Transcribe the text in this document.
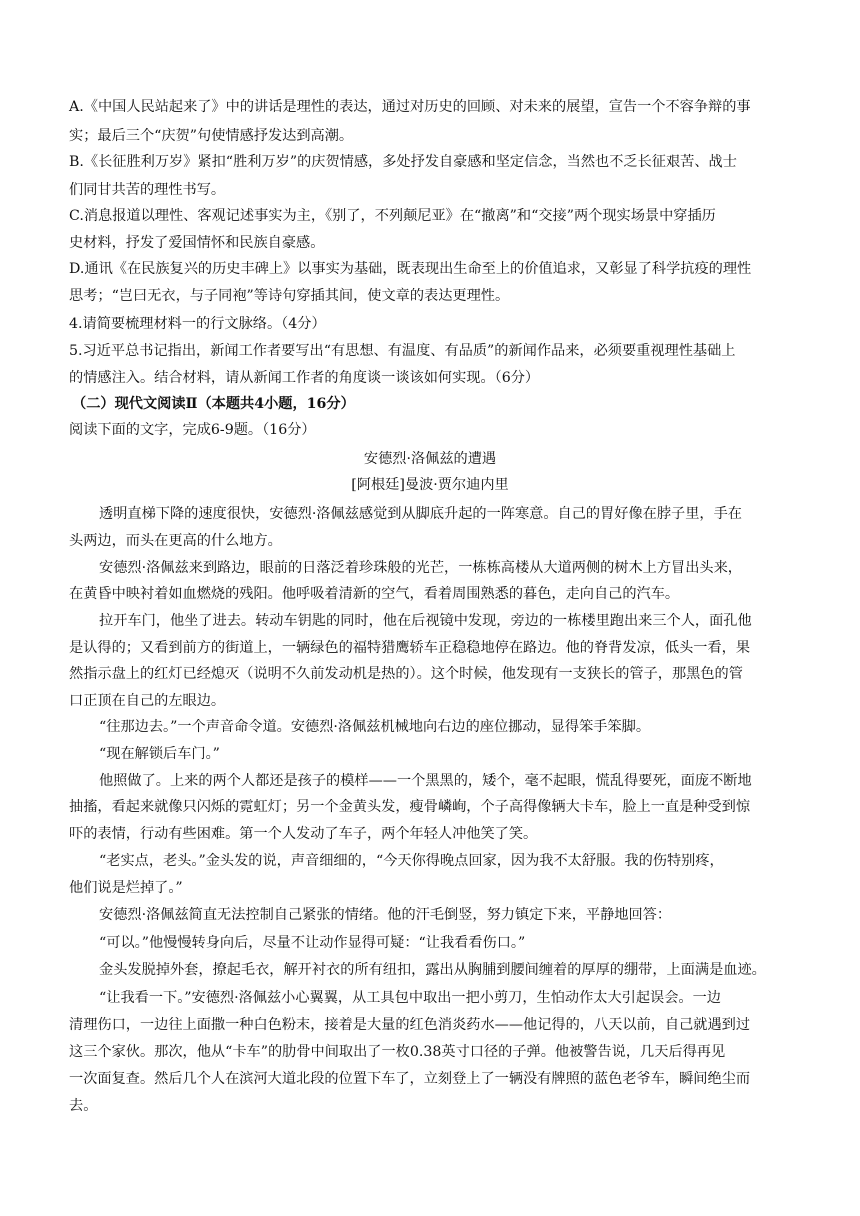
A.《中国人民站起来了》中的讲话是理性的表达，通过对历史的回顾、对未来的展望，宣告一个不容争辩的事
实；最后三个“庆贺”句使情感抒发达到高潮。
B.《长征胜利万岁》紧扣“胜利万岁”的庆贺情感，多处抒发自豪感和坚定信念，当然也不乏长征艰苦、战士
们同甘共苦的理性书写。
C.消息报道以理性、客观记述事实为主，《别了，不列颠尼亚》在“撤离”和“交接”两个现实场景中穿插历
史材料，抒发了爱国情怀和民族自豪感。
D.通讯《在民族复兴的历史丰碑上》以事实为基础，既表现出生命至上的价值追求，又彰显了科学抗疫的理性
思考；“岂曰无衣，与子同袍”等诗句穿插其间，使文章的表达更理性。
4.请简要梳理材料一的行文脉络。（4分）
5.习近平总书记指出，新闻工作者要写出“有思想、有温度、有品质”的新闻作品来，必须要重视理性基础上
的情感注入。结合材料，请从新闻工作者的角度谈一谈该如何实现。（6分）
（二）现代文阅读Ⅱ（本题共4小题，16分）
阅读下面的文字，完成6-9题。（16分）
安德烈·洛佩兹的遭遇
[阿根廷]曼波·贾尔迪内里
透明直梯下降的速度很快，安德烈·洛佩兹感觉到从脚底升起的一阵寒意。自己的胃好像在脖子里，手在
头两边，而头在更高的什么地方。
安德烈·洛佩兹来到路边，眼前的日落泛着珍珠般的光芒，一栋栋高楼从大道两侧的树木上方冒出头来，
在黄昏中映衬着如血燃烧的残阳。他呼吸着清新的空气，看着周围熟悉的暮色，走向自己的汽车。
拉开车门，他坐了进去。转动车钥匙的同时，他在后视镜中发现，旁边的一栋楼里跑出来三个人，面孔他
是认得的；又看到前方的街道上，一辆绿色的福特猎鹰轿车正稳稳地停在路边。他的脊背发凉，低头一看，果
然指示盘上的红灯已经熄灭（说明不久前发动机是热的）。这个时候，他发现有一支狭长的管子，那黑色的管
口正顶在自己的左眼边。
“往那边去。”一个声音命令道。安德烈·洛佩兹机械地向右边的座位挪动，显得笨手笨脚。
“现在解锁后车门。”
他照做了。上来的两个人都还是孩子的模样——一个黑黑的，矮个，毫不起眼，慌乱得要死，面庞不断地
抽搐，看起来就像只闪烁的霓虹灯；另一个金黄头发，瘦骨嶙峋，个子高得像辆大卡车，脸上一直是种受到惊
吓的表情，行动有些困难。第一个人发动了车子，两个年轻人冲他笑了笑。
“老实点，老头。”金头发的说，声音细细的，“今天你得晚点回家，因为我不太舒服。我的伤特别疼，
他们说是烂掉了。”
安德烈·洛佩兹简直无法控制自己紧张的情绪。他的汗毛倒竖，努力镇定下来，平静地回答：
“可以。”他慢慢转身向后，尽量不让动作显得可疑：“让我看看伤口。”
金头发脱掉外套，撩起毛衣，解开衬衣的所有纽扣，露出从胸脯到腰间缠着的厚厚的绷带，上面满是血迹。
“让我看一下。”安德烈·洛佩兹小心翼翼，从工具包中取出一把小剪刀，生怕动作太大引起误会。一边
清理伤口，一边往上面撒一种白色粉末，接着是大量的红色消炎药水——他记得的，八天以前，自己就遇到过
这三个家伙。那次，他从“卡车”的肋骨中间取出了一枚0.38英寸口径的子弹。他被警告说，几天后得再见
一次面复查。然后几个人在滨河大道北段的位置下车了，立刻登上了一辆没有牌照的蓝色老爷车，瞬间绝尘而
去。
